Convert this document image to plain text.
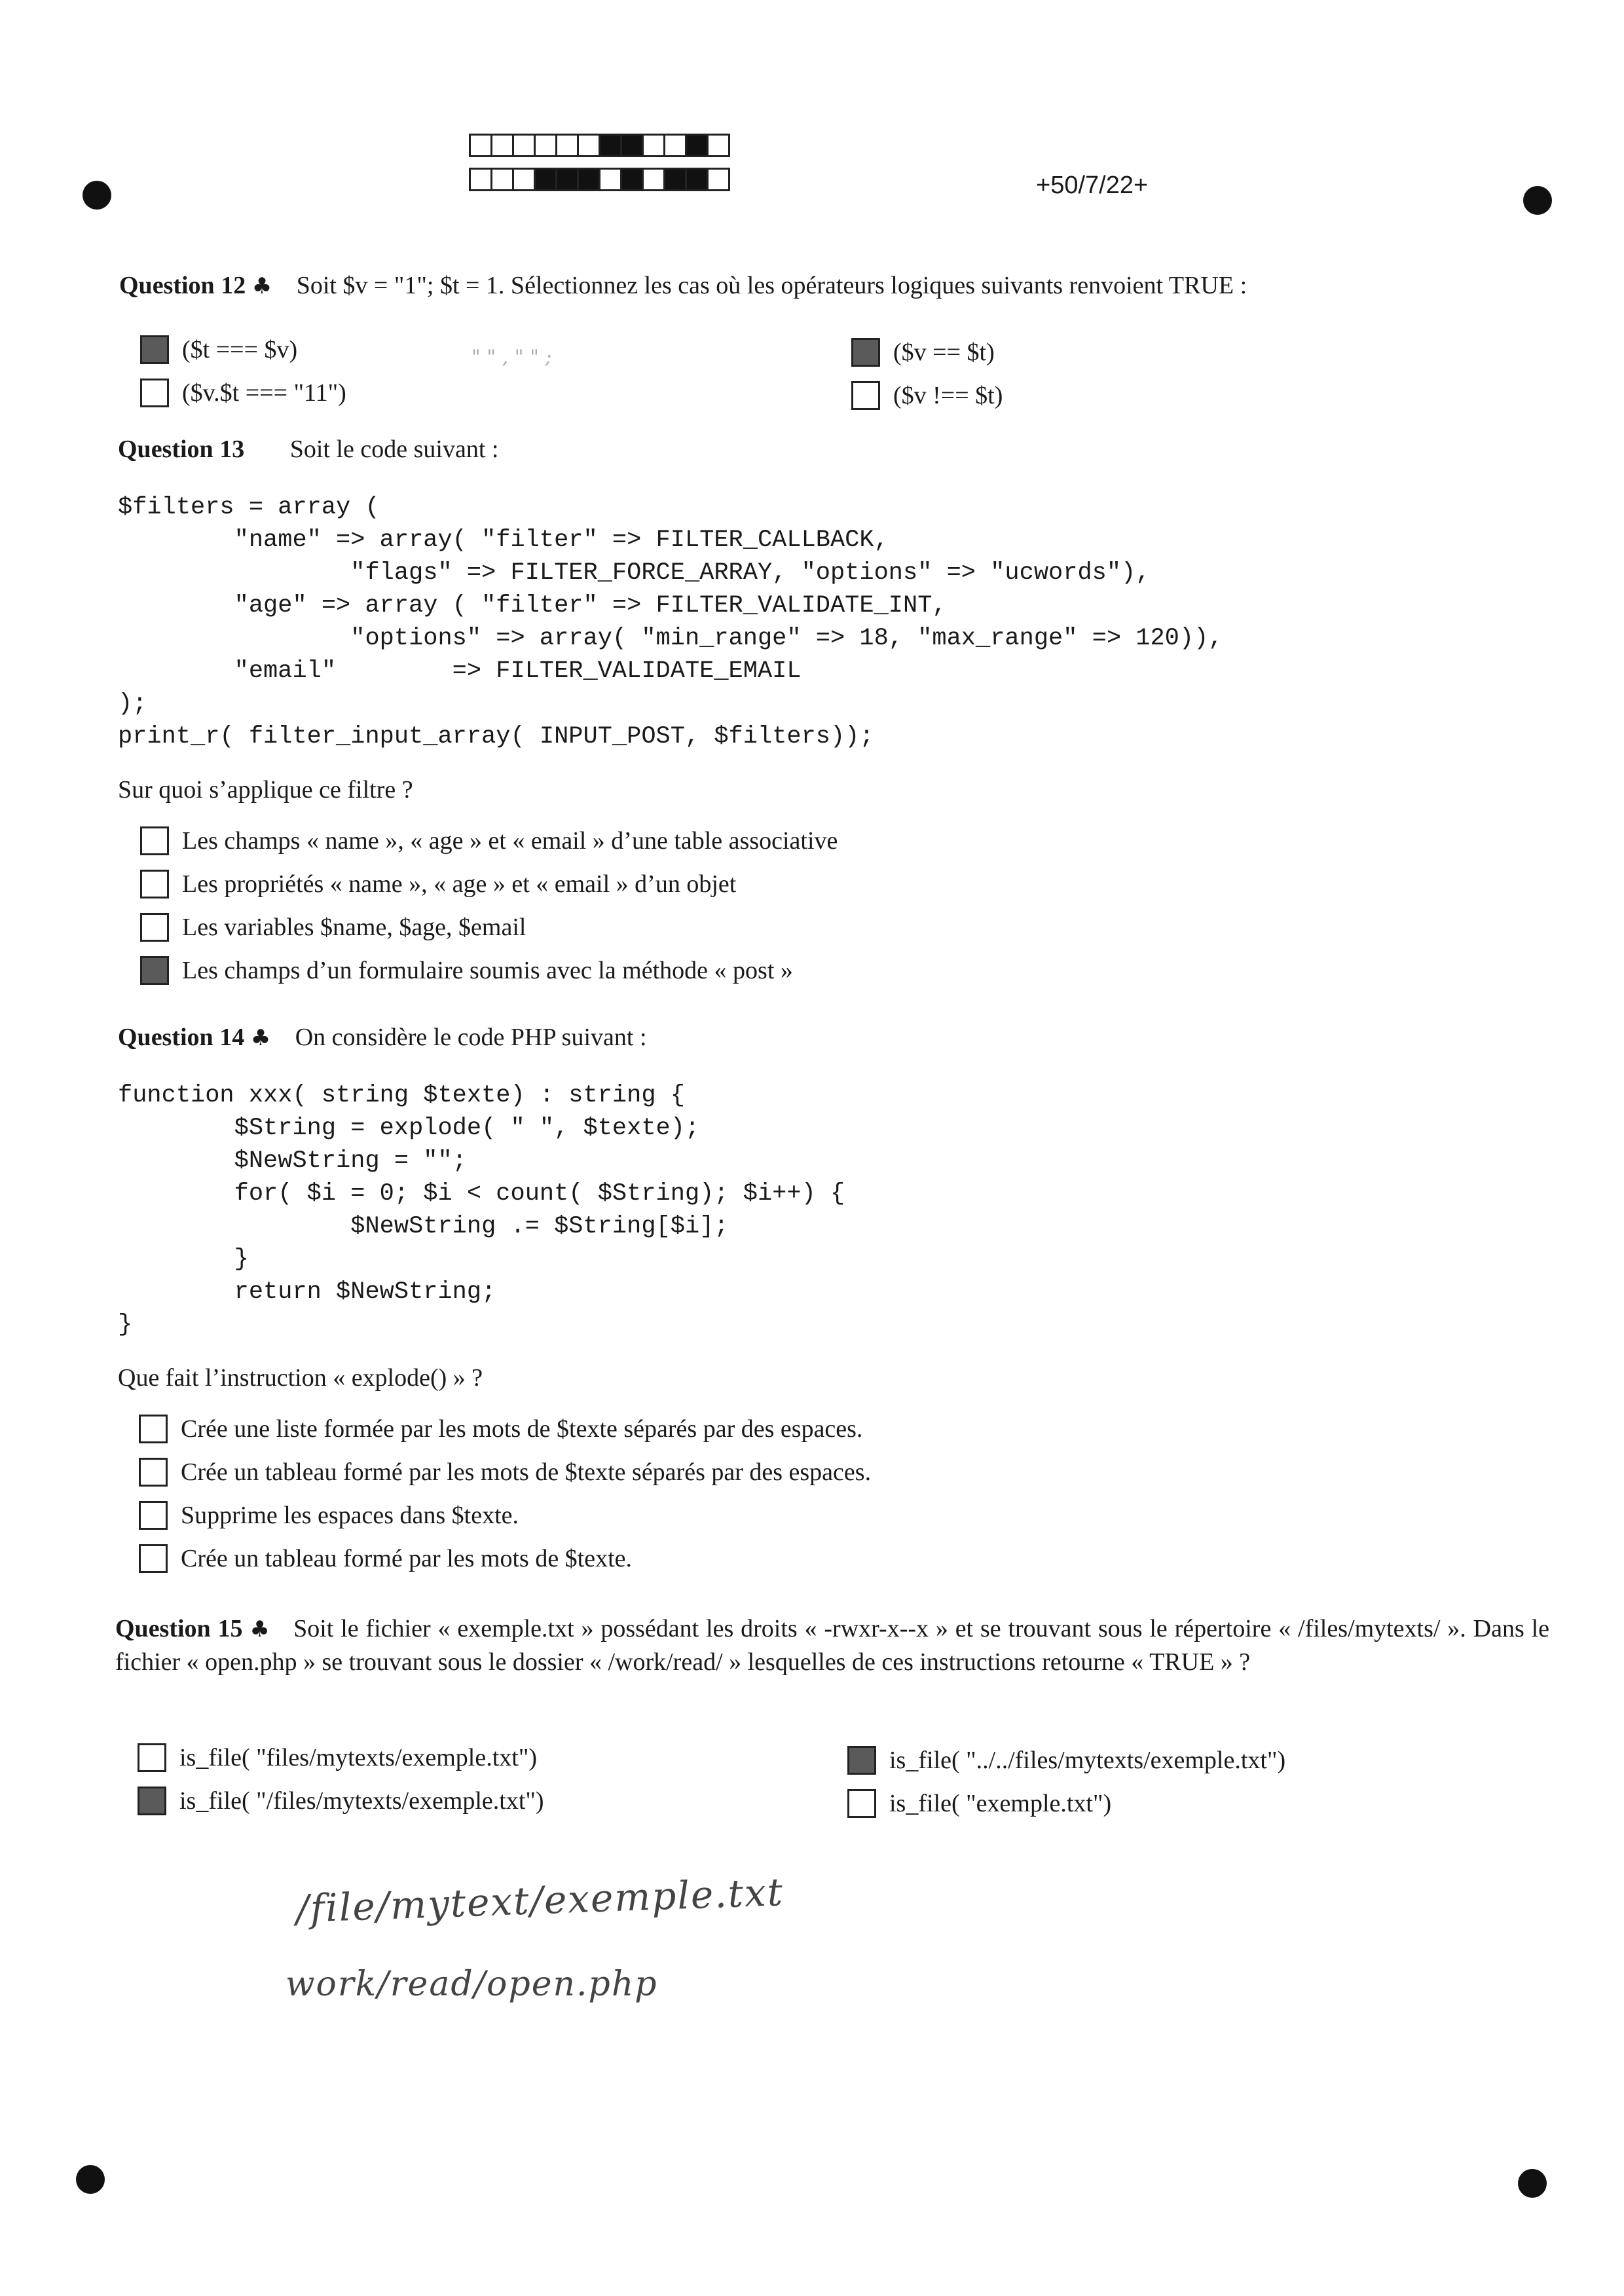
+50/7/22+
Question 12 ♣ Soit $v = "1"; $t = 1. Sélectionnez les cas où les opérateurs logiques suivants renvoient TRUE :
($t === $v)
($v.$t === "11")
($v == $t)
($v !== $t)
" " , " " ;
Question 13 Soit le code suivant :
$filters = array (
"name" => array( "filter" => FILTER_CALLBACK,
"flags" => FILTER_FORCE_ARRAY, "options" => "ucwords"),
"age" => array ( "filter" => FILTER_VALIDATE_INT,
"options" => array( "min_range" => 18, "max_range" => 120)),
"email"        => FILTER_VALIDATE_EMAIL
);
print_r( filter_input_array( INPUT_POST, $filters));
Sur quoi s’applique ce filtre ?
Les champs « name », « age » et « email » d’une table associative
Les propriétés « name », « age » et « email » d’un objet
Les variables $name, $age, $email
Les champs d’un formulaire soumis avec la méthode « post »
Question 14 ♣ On considère le code PHP suivant :
function xxx( string $texte) : string {
$String = explode( " ", $texte);
$NewString = "";
for( $i = 0; $i < count( $String); $i++) {
$NewString .= $String[$i];
}
return $NewString;
}
Que fait l’instruction « explode() » ?
Crée une liste formée par les mots de $texte séparés par des espaces.
Crée un tableau formé par les mots de $texte séparés par des espaces.
Supprime les espaces dans $texte.
Crée un tableau formé par les mots de $texte.
Question 15 ♣ Soit le fichier « exemple.txt » possédant les droits « -rwxr-x--x » et se trouvant sous le répertoire « /files/mytexts/ ». Dans le fichier « open.php » se trouvant sous le dossier « /work/read/ » lesquelles de ces instructions retourne « TRUE » ?
is_file( "files/mytexts/exemple.txt")
is_file( "/files/mytexts/exemple.txt")
is_file( "../../files/mytexts/exemple.txt")
is_file( "exemple.txt")
/file/mytext/exemple.txt
work/read/open.php
